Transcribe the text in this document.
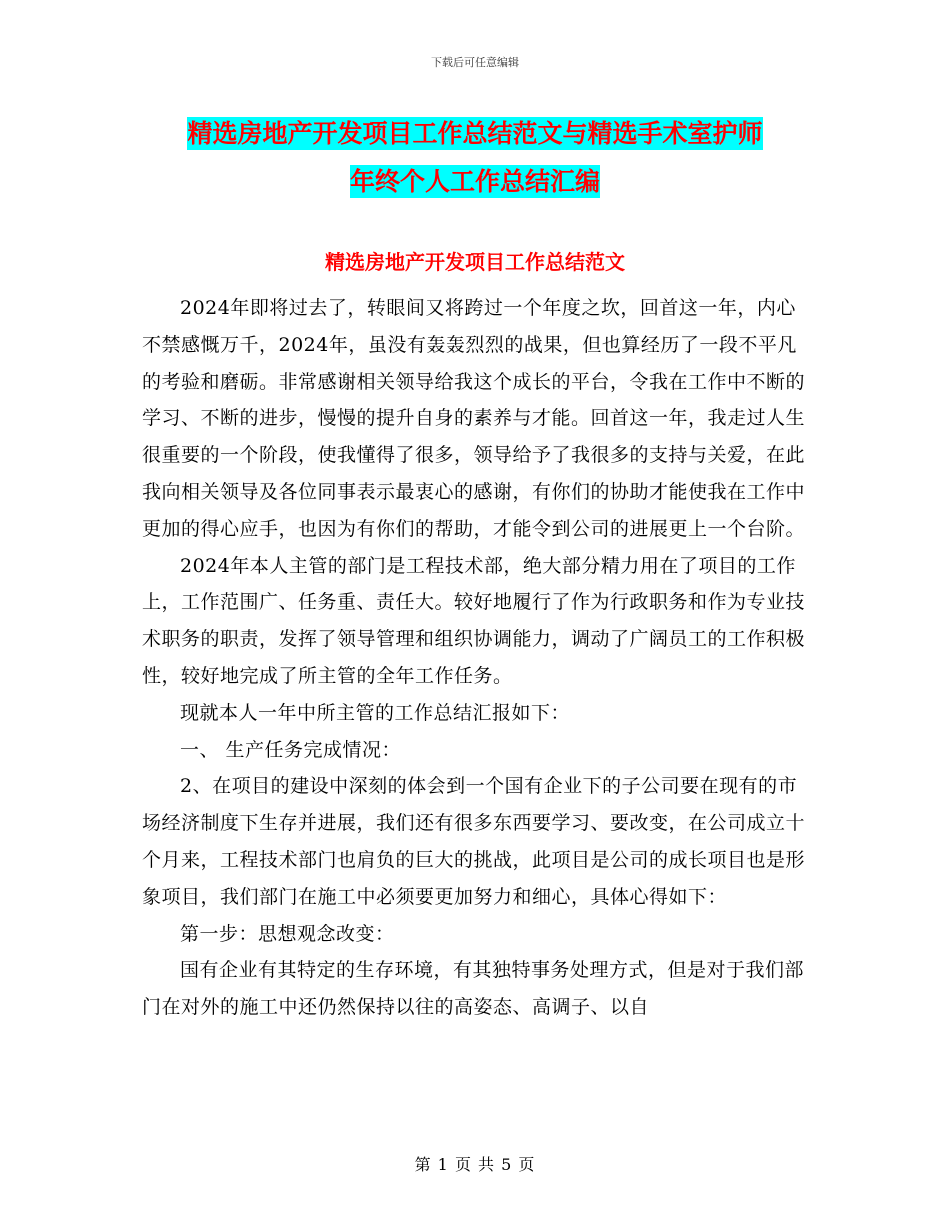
下载后可任意编辑
精选房地产开发项目工作总结范文与精选手术室护师
年终个人工作总结汇编
精选房地产开发项目工作总结范文

2024年即将过去了，转眼间又将跨过一个年度之坎，回首这一年，内心不禁感慨万千，2024年，虽没有轰轰烈烈的战果，但也算经历了一段不平凡的考验和磨砺。非常感谢相关领导给我这个成长的平台，令我在工作中不断的学习、不断的进步，慢慢的提升自身的素养与才能。回首这一年，我走过人生很重要的一个阶段，使我懂得了很多，领导给予了我很多的支持与关爱，在此我向相关领导及各位同事表示最衷心的感谢，有你们的协助才能使我在工作中更加的得心应手，也因为有你们的帮助，才能令到公司的进展更上一个台阶。

2024年本人主管的部门是工程技术部，绝大部分精力用在了项目的工作上，工作范围广、任务重、责任大。较好地履行了作为行政职务和作为专业技术职务的职责，发挥了领导管理和组织协调能力，调动了广阔员工的工作积极性，较好地完成了所主管的全年工作任务。

现就本人一年中所主管的工作总结汇报如下：

一、 生产任务完成情况：

2、在项目的建设中深刻的体会到一个国有企业下的子公司要在现有的市场经济制度下生存并进展，我们还有很多东西要学习、要改变，在公司成立十个月来，工程技术部门也肩负的巨大的挑战，此项目是公司的成长项目也是形象项目，我们部门在施工中必须要更加努力和细心，具体心得如下：

第一步：思想观念改变：

国有企业有其特定的生存环境，有其独特事务处理方式，但是对于我们部门在对外的施工中还仍然保持以往的高姿态、高调子、以自

第 1 页 共 5 页
